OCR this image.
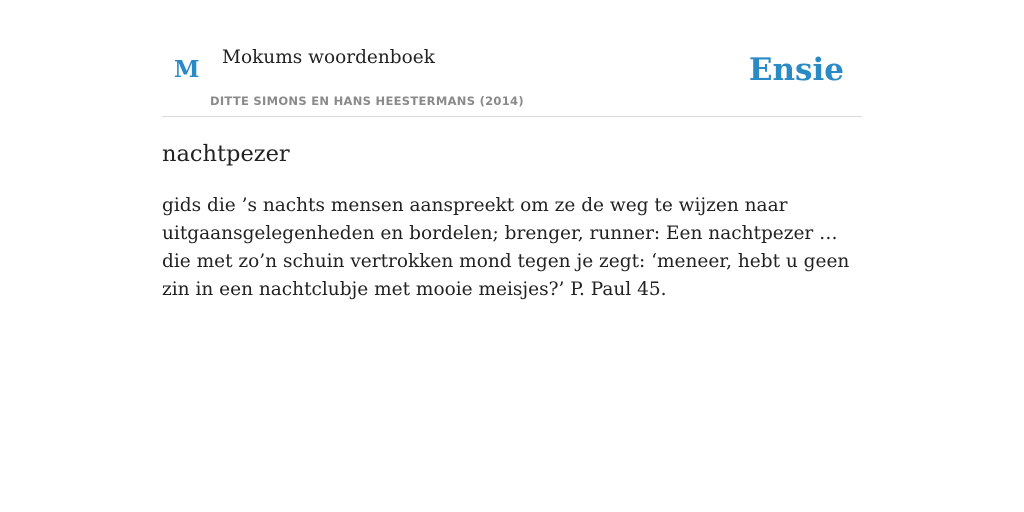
M Mokums woordenboek
DITTE SIMONS EN HANS HEESTERMANS (2014)
Ensie
nachtpezer

gids die ’s nachts mensen aanspreekt om ze de weg te wijzen naar uitgaansgelegenheden en bordelen; brenger, runner: Een nachtpezer … die met zo’n schuin vertrokken mond tegen je zegt: ‘meneer, hebt u geen zin in een nachtclubje met mooie meisjes?’ P. Paul 45.
